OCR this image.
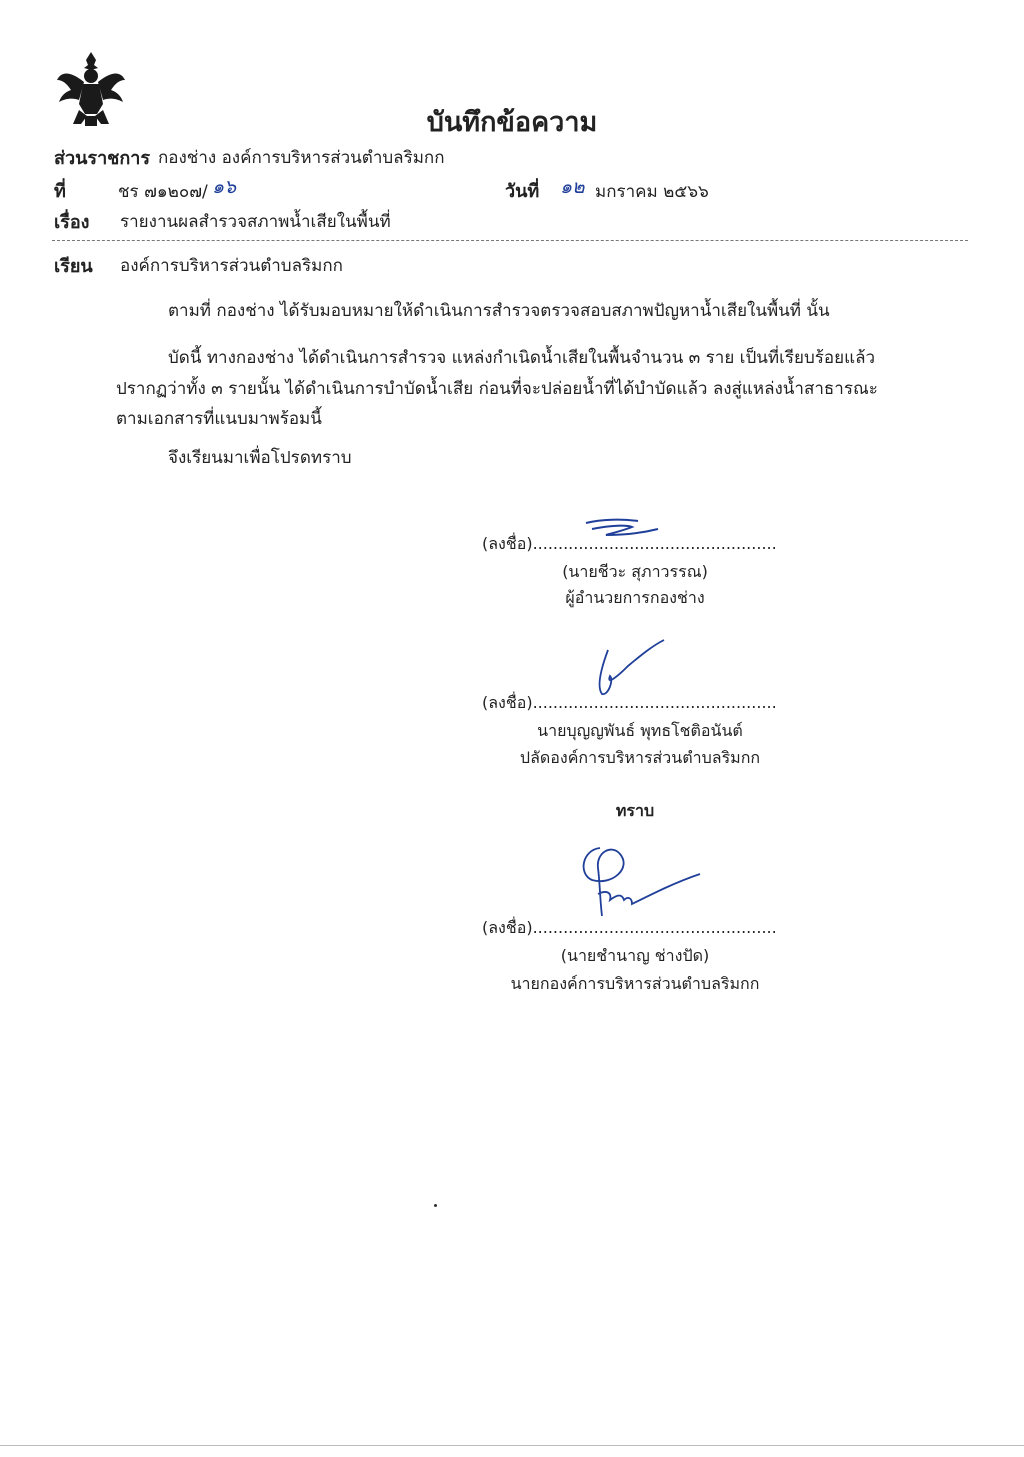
บันทึกข้อความ
ส่วนราชการ กองช่าง องค์การบริหารส่วนตำบลริมกก
ที่	ชร ๗๑๒๐๗/ ๑๖	วันที่ ๑๒ มกราคม ๒๕๖๖
เรื่อง รายงานผลสำรวจสภาพน้ำเสียในพื้นที่
เรียน องค์การบริหารส่วนตำบลริมกก
ตามที่ กองช่าง ได้รับมอบหมายให้ดำเนินการสำรวจตรวจสอบสภาพปัญหาน้ำเสียในพื้นที่ นั้น
บัดนี้ ทางกองช่าง ได้ดำเนินการสำรวจ แหล่งกำเนิดน้ำเสียในพื้นจำนวน ๓ ราย เป็นที่เรียบร้อยแล้ว
ปรากฏว่าทั้ง ๓ รายนั้น ได้ดำเนินการบำบัดน้ำเสีย ก่อนที่จะปล่อยน้ำที่ได้บำบัดแล้ว ลงสู่แหล่งน้ำสาธารณะ
ตามเอกสารที่แนบมาพร้อมนี้
จึงเรียนมาเพื่อโปรดทราบ
(ลงชื่อ)................................................
(นายชีวะ สุภาวรรณ)
ผู้อำนวยการกองช่าง
(ลงชื่อ)................................................
นายบุญญพันธ์ พุทธโชติอนันต์
ปลัดองค์การบริหารส่วนตำบลริมกก
ทราบ
(ลงชื่อ)................................................
(นายชำนาญ ช่างปัด)
นายกองค์การบริหารส่วนตำบลริมกก
